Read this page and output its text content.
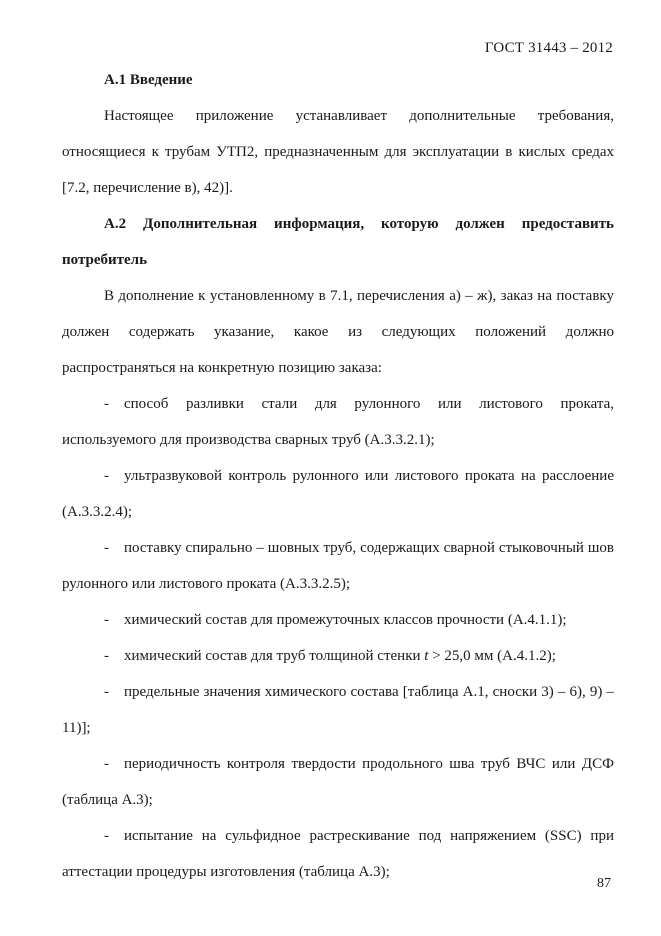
ГОСТ 31443 – 2012

А.1 Введение

Настоящее приложение устанавливает дополнительные требования, относящиеся к трубам УТП2, предназначенным для эксплуатации в кислых средах [7.2, перечисление в), 42)].

А.2 Дополнительная информация, которую должен предоставить потребитель

В дополнение к установленному в 7.1, перечисления а) – ж), заказ на поставку должен содержать указание, какое из следующих положений должно распространяться на конкретную позицию заказа:

- способ разливки стали для рулонного или листового проката, используемого для производства сварных труб (А.3.3.2.1);

- ультразвуковой контроль рулонного или листового проката на расслоение (А.3.3.2.4);

- поставку спирально – шовных труб, содержащих сварной стыковочный шов рулонного или листового проката (А.3.3.2.5);

- химический состав для промежуточных классов прочности (А.4.1.1);

- химический состав для труб толщиной стенки t > 25,0 мм (А.4.1.2);

- предельные значения химического состава [таблица А.1, сноски 3) – 6), 9) – 11)];

- периодичность контроля твердости продольного шва труб ВЧС или ДСФ (таблица А.3);

- испытание на сульфидное растрескивание под напряжением (SSC) при аттестации процедуры изготовления (таблица А.3);

87
